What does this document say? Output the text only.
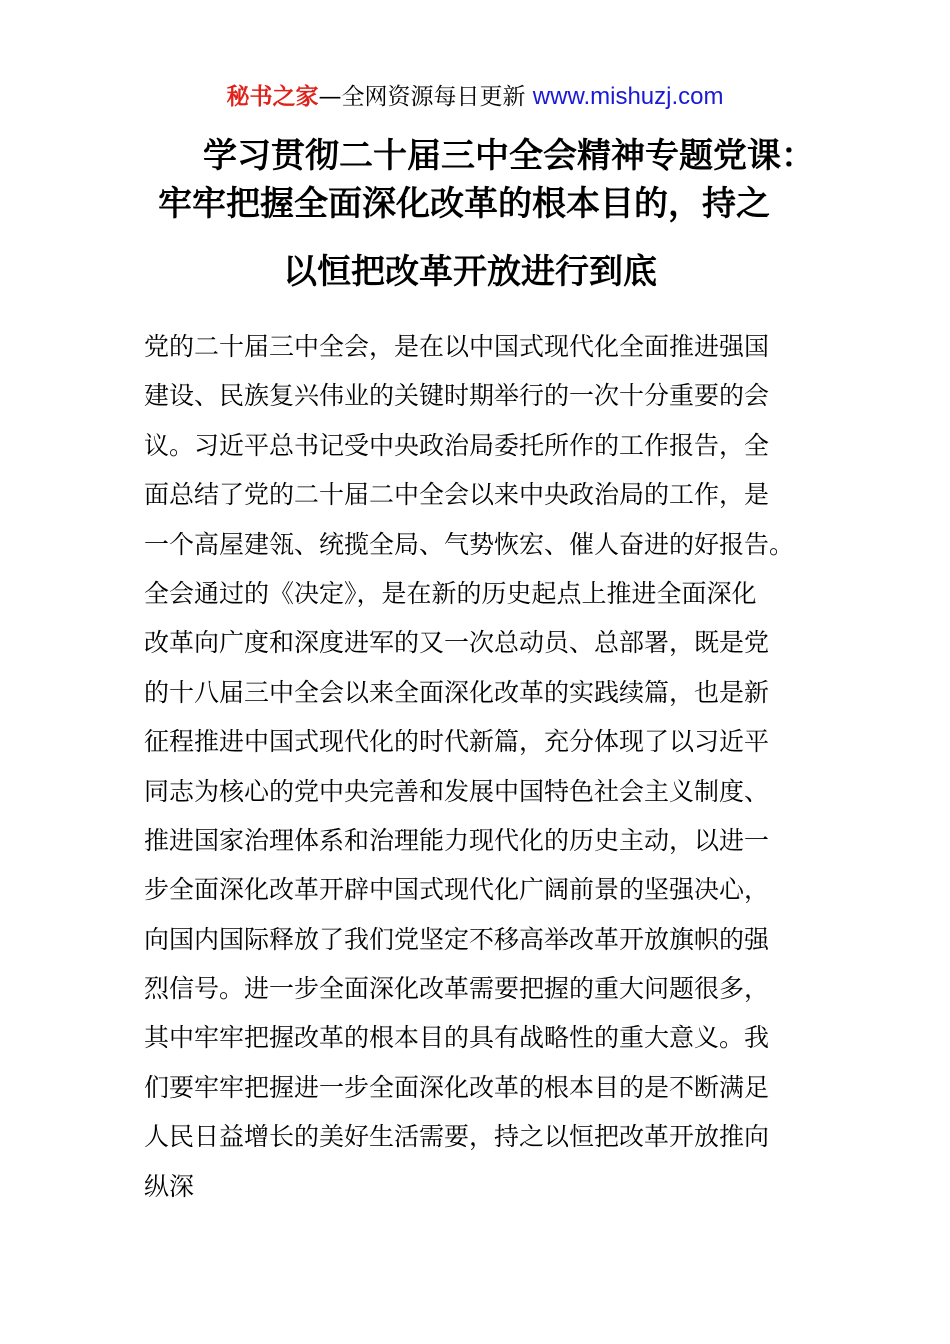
秘书之家—全网资源每日更新 www.mishuzj.com
学习贯彻二十届三中全会精神专题党课：
牢牢把握全面深化改革的根本目的，持之
以恒把改革开放进行到底
党的二十届三中全会，是在以中国式现代化全面推进强国
建设、民族复兴伟业的关键时期举行的一次十分重要的会
议。习近平总书记受中央政治局委托所作的工作报告，全
面总结了党的二十届二中全会以来中央政治局的工作，是
一个高屋建瓴、统揽全局、气势恢宏、催人奋进的好报告。
全会通过的《决定》，是在新的历史起点上推进全面深化
改革向广度和深度进军的又一次总动员、总部署，既是党
的十八届三中全会以来全面深化改革的实践续篇，也是新
征程推进中国式现代化的时代新篇，充分体现了以习近平
同志为核心的党中央完善和发展中国特色社会主义制度、
推进国家治理体系和治理能力现代化的历史主动，以进一
步全面深化改革开辟中国式现代化广阔前景的坚强决心，
向国内国际释放了我们党坚定不移高举改革开放旗帜的强
烈信号。进一步全面深化改革需要把握的重大问题很多，
其中牢牢把握改革的根本目的具有战略性的重大意义。我
们要牢牢把握进一步全面深化改革的根本目的是不断满足
人民日益增长的美好生活需要，持之以恒把改革开放推向
纵深
